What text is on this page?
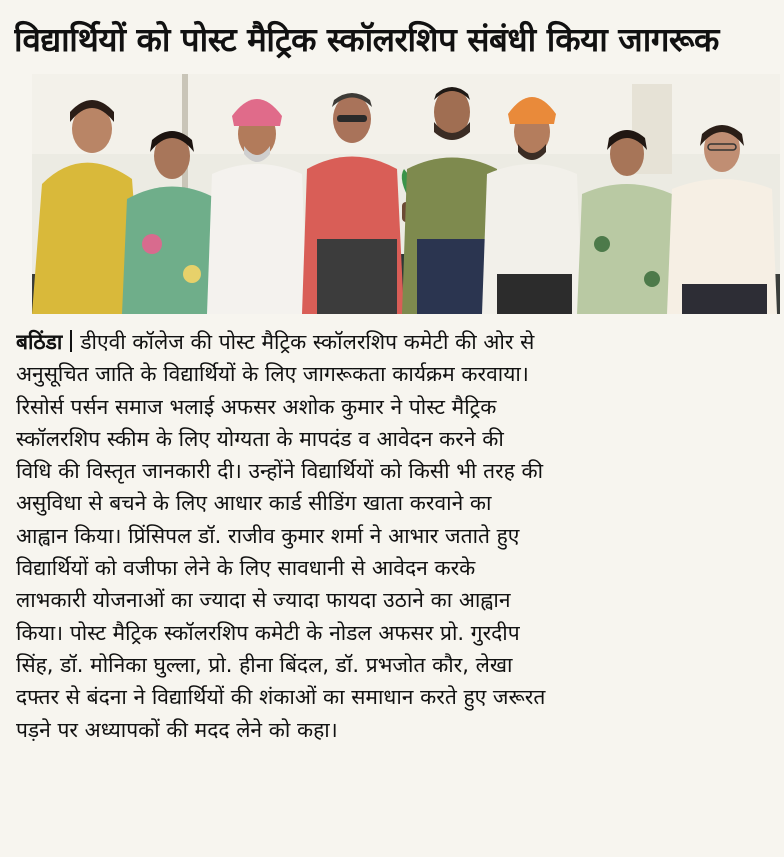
विद्यार्थियों को पोस्ट मैट्रिक स्कॉलरशिप संबंधी किया जागरूक
बठिंडा डीएवी कॉलेज की पोस्ट मैट्रिक स्कॉलरशिप कमेटी की ओर से
अनुसूचित जाति के विद्यार्थियों के लिए जागरूकता कार्यक्रम करवाया।
रिसोर्स पर्सन समाज भलाई अफसर अशोक कुमार ने पोस्ट मैट्रिक
स्कॉलरशिप स्कीम के लिए योग्यता के मापदंड व आवेदन करने की
विधि की विस्तृत जानकारी दी। उन्होंने विद्यार्थियों को किसी भी तरह की
असुविधा से बचने के लिए आधार कार्ड सीडिंग खाता करवाने का
आह्वान किया। प्रिंसिपल डॉ. राजीव कुमार शर्मा ने आभार जताते हुए
विद्यार्थियों को वजीफा लेने के लिए सावधानी से आवेदन करके
लाभकारी योजनाओं का ज्यादा से ज्यादा फायदा उठाने का आह्वान
किया। पोस्ट मैट्रिक स्कॉलरशिप कमेटी के नोडल अफसर प्रो. गुरदीप
सिंह, डॉ. मोनिका घुल्ला, प्रो. हीना बिंदल, डॉ. प्रभजोत कौर, लेखा
दफ्तर से बंदना ने विद्यार्थियों की शंकाओं का समाधान करते हुए जरूरत
पड़ने पर अध्यापकों की मदद लेने को कहा।
